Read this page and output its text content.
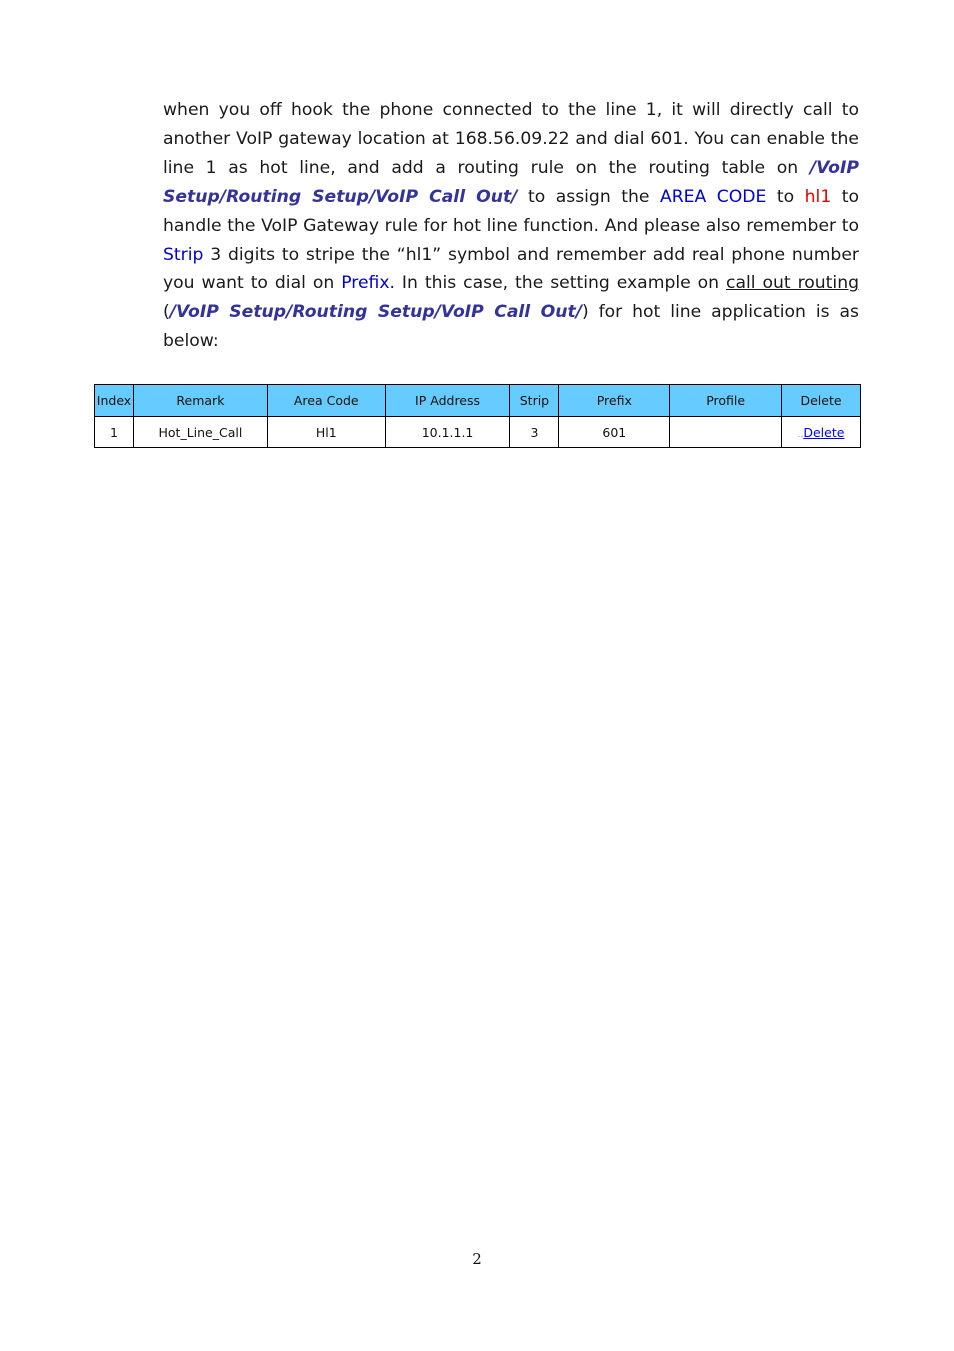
when you off hook the phone connected to the line 1, it will directly call to another VoIP gateway location at 168.56.09.22 and dial 601. You can enable the line 1 as hot line, and add a routing rule on the routing table on /VoIP Setup/Routing Setup/VoIP Call Out/ to assign the AREA CODE to hl1 to handle the VoIP Gateway rule for hot line function. And please also remember to Strip 3 digits to stripe the “hl1” symbol and remember add real phone number you want to dial on Prefix. In this case, the setting example on call out routing (/VoIP Setup/Routing Setup/VoIP Call Out/) for hot line application is as below:

Index	Remark	Area Code	IP Address	Strip	Prefix	Profile	Delete
1	Hot_Line_Call	Hl1	10.1.1.1	3	601		..Delete
2
